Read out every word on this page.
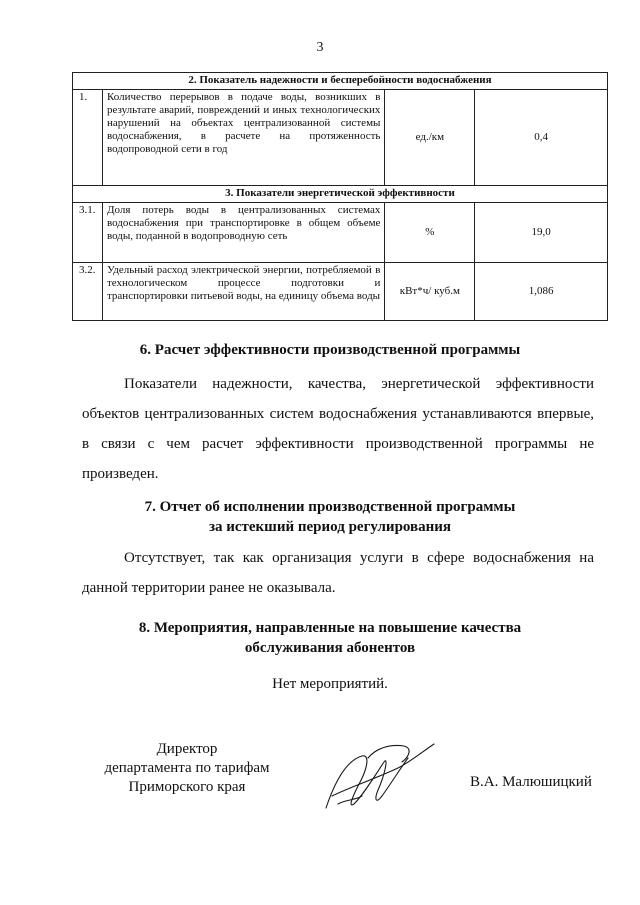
3
2. Показатель надежности и бесперебойности водоснабжения			
1.	Количество перерывов в подаче воды, возникших в результате аварий, повреждений и иных технологических нарушений на объектах централизованной системы водоснабжения, в расчете на протяженность водопроводной сети в год	ед./км	0,4
3. Показатели энергетической эффективности			
3.1.	Доля потерь воды в централизованных системах водоснабжения при транспортировке в общем объеме воды, поданной в водопроводную сеть	%	19,0
3.2.	Удельный расход электрической энергии, потребляемой в технологическом процессе подготовки и транспортировки питьевой воды, на единицу объема воды	кВт*ч/ куб.м	1,086
6. Расчет эффективности производственной программы
Показатели надежности, качества, энергетической эффективности объектов централизованных систем водоснабжения устанавливаются впервые, в связи с чем расчет эффективности производственной программы не произведен.
7. Отчет об исполнении производственной программы
за истекший период регулирования
Отсутствует, так как организация услуги в сфере водоснабжения на данной территории ранее не оказывала.
8. Мероприятия, направленные на повышение качества
обслуживания абонентов
Нет мероприятий.
Директор
департамента по тарифам
Приморского края	В.А. Малюшицкий
